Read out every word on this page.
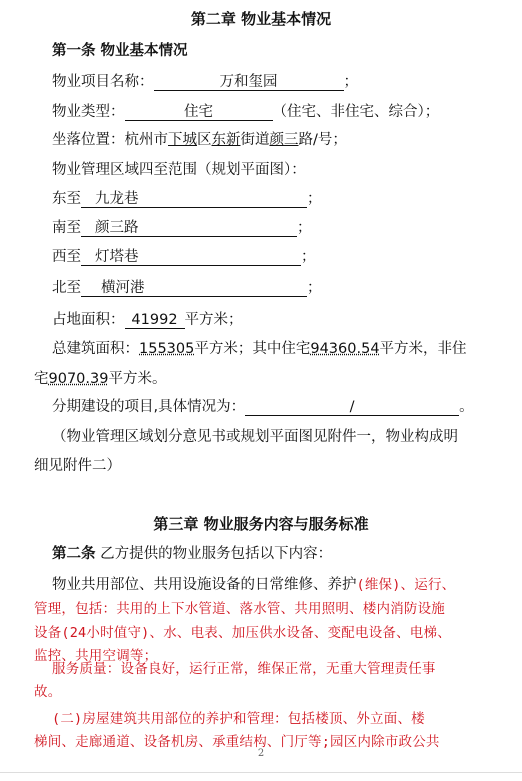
第二章 物业基本情况
第一条 物业基本情况
物业项目名称：	万和玺园	；
物业类型：	住宅	（住宅、非住宅、综合）；
坐落位置：杭州市下城区东新街道颜三路/号；
物业管理区域四至范围（规划平面图）：
东至 九龙巷	；
南至 颜三路	；
西至 灯塔巷	；
北至 横河港	；
占地面积： 41992 平方米；
总建筑面积：155305平方米；其中住宅94360.54平方米，非住
宅9070.39平方米。
分期建设的项目,具体情况为：	/	。
（物业管理区域划分意见书或规划平面图见附件一，物业构成明
细见附件二）
第三章 物业服务内容与服务标准
第二条 乙方提供的物业服务包括以下内容：
物业共用部位、共用设施设备的日常维修、养护(维保)、运行、
管理，包括：共用的上下水管道、落水管、共用照明、楼内消防设施
设备(24小时值守)、水、电表、加压供水设备、变配电设备、电梯、
监控、共用空调等；
服务质量：设备良好，运行正常，维保正常，无重大管理责任事
故。
(二)房屋建筑共用部位的养护和管理：包括楼顶、外立面、楼
梯间、走廊通道、设备机房、承重结构、门厅等;园区内除市政公共
2
